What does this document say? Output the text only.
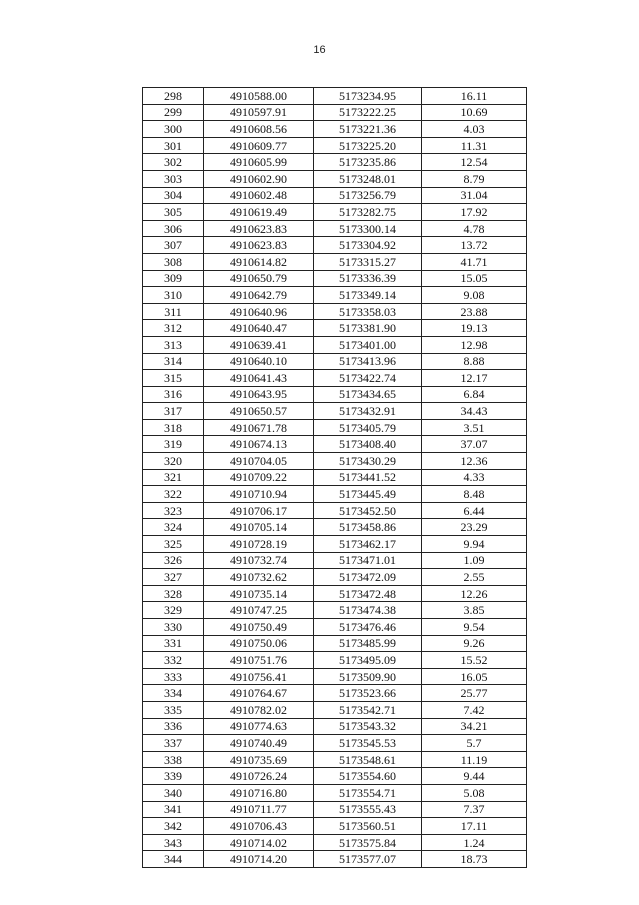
16
298	4910588.00	5173234.95	16.11
299	4910597.91	5173222.25	10.69
300	4910608.56	5173221.36	4.03
301	4910609.77	5173225.20	11.31
302	4910605.99	5173235.86	12.54
303	4910602.90	5173248.01	8.79
304	4910602.48	5173256.79	31.04
305	4910619.49	5173282.75	17.92
306	4910623.83	5173300.14	4.78
307	4910623.83	5173304.92	13.72
308	4910614.82	5173315.27	41.71
309	4910650.79	5173336.39	15.05
310	4910642.79	5173349.14	9.08
311	4910640.96	5173358.03	23.88
312	4910640.47	5173381.90	19.13
313	4910639.41	5173401.00	12.98
314	4910640.10	5173413.96	8.88
315	4910641.43	5173422.74	12.17
316	4910643.95	5173434.65	6.84
317	4910650.57	5173432.91	34.43
318	4910671.78	5173405.79	3.51
319	4910674.13	5173408.40	37.07
320	4910704.05	5173430.29	12.36
321	4910709.22	5173441.52	4.33
322	4910710.94	5173445.49	8.48
323	4910706.17	5173452.50	6.44
324	4910705.14	5173458.86	23.29
325	4910728.19	5173462.17	9.94
326	4910732.74	5173471.01	1.09
327	4910732.62	5173472.09	2.55
328	4910735.14	5173472.48	12.26
329	4910747.25	5173474.38	3.85
330	4910750.49	5173476.46	9.54
331	4910750.06	5173485.99	9.26
332	4910751.76	5173495.09	15.52
333	4910756.41	5173509.90	16.05
334	4910764.67	5173523.66	25.77
335	4910782.02	5173542.71	7.42
336	4910774.63	5173543.32	34.21
337	4910740.49	5173545.53	5.7
338	4910735.69	5173548.61	11.19
339	4910726.24	5173554.60	9.44
340	4910716.80	5173554.71	5.08
341	4910711.77	5173555.43	7.37
342	4910706.43	5173560.51	17.11
343	4910714.02	5173575.84	1.24
344	4910714.20	5173577.07	18.73
